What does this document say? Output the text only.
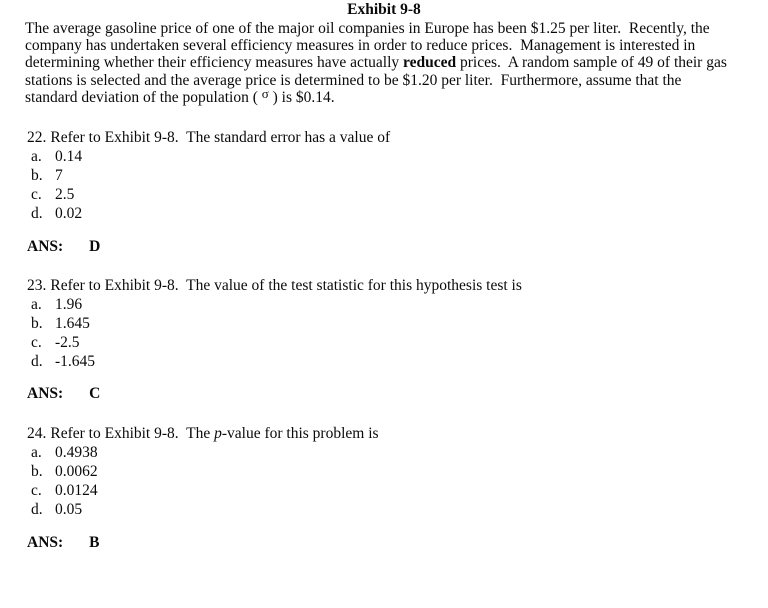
Exhibit 9-8
The average gasoline price of one of the major oil companies in Europe has been $1.25 per liter.  Recently, the
company has undertaken several efficiency measures in order to reduce prices.  Management is interested in
determining whether their efficiency measures have actually reduced prices.  A random sample of 49 of their gas
stations is selected and the average price is determined to be $1.20 per liter.  Furthermore, assume that the
standard deviation of the population ( $^\sigma$ ) is $0.14.
22. Refer to Exhibit 9-8.  The standard error has a value of
a. 0.14
b. 7
c. 2.5
d. 0.02
ANS: D
23. Refer to Exhibit 9-8.  The value of the test statistic for this hypothesis test is
a. 1.96
b. 1.645
c. -2.5
d. -1.645
ANS: C
24. Refer to Exhibit 9-8.  The p-value for this problem is
a. 0.4938
b. 0.0062
c. 0.0124
d. 0.05
ANS: B
